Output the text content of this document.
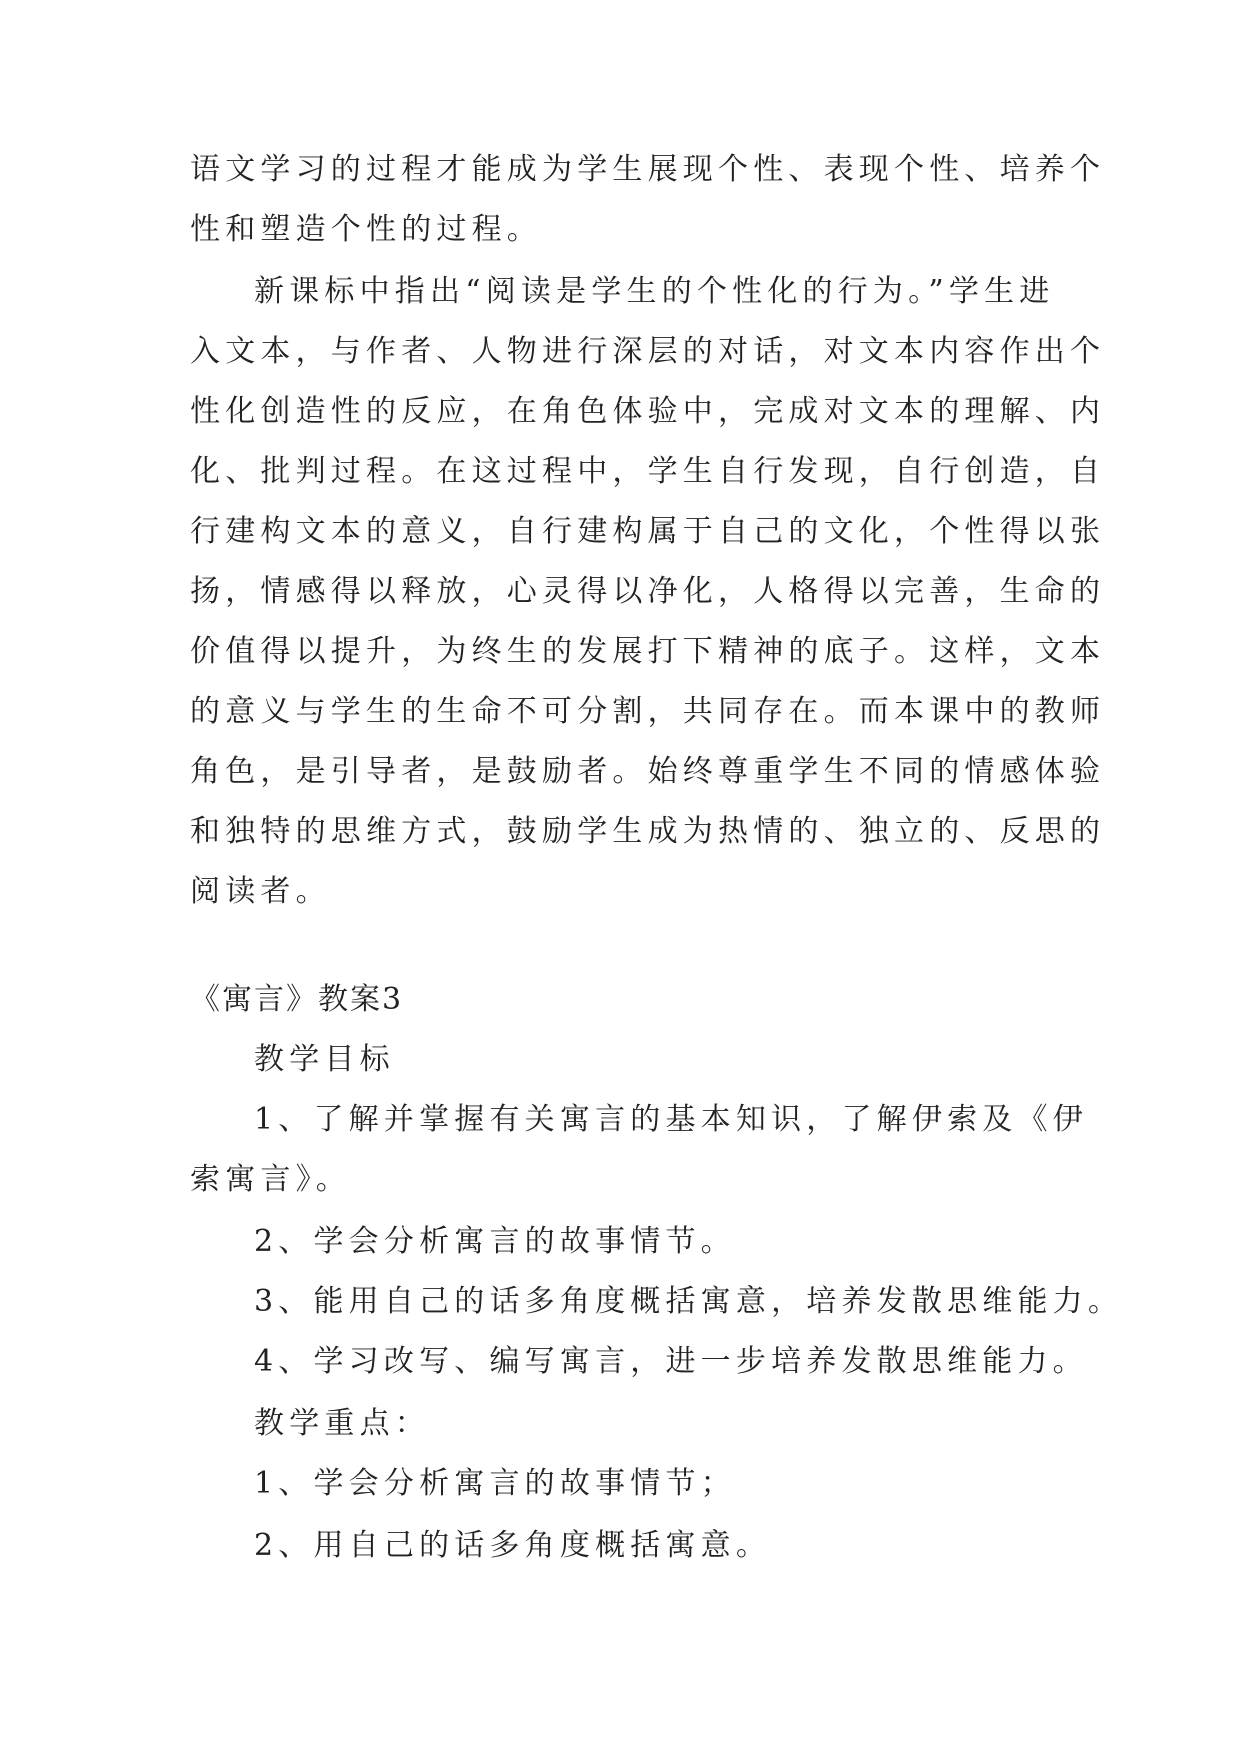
语文学习的过程才能成为学生展现个性、表现个性、培养个

性和塑造个性的过程。

新课标中指出“阅读是学生的个性化的行为。”学生进

入文本，与作者、人物进行深层的对话，对文本内容作出个

性化创造性的反应，在角色体验中，完成对文本的理解、内

化、批判过程。在这过程中，学生自行发现，自行创造，自

行建构文本的意义，自行建构属于自己的文化，个性得以张

扬，情感得以释放，心灵得以净化，人格得以完善，生命的

价值得以提升，为终生的发展打下精神的底子。这样，文本

的意义与学生的生命不可分割，共同存在。而本课中的教师

角色，是引导者，是鼓励者。始终尊重学生不同的情感体验

和独特的思维方式，鼓励学生成为热情的、独立的、反思的

阅读者。

《寓言》教案3

教学目标

1、了解并掌握有关寓言的基本知识，了解伊索及《伊

索寓言》。

2、学会分析寓言的故事情节。

3、能用自己的话多角度概括寓意，培养发散思维能力。

4、学习改写、编写寓言，进一步培养发散思维能力。

教学重点：

1、学会分析寓言的故事情节；

2、用自己的话多角度概括寓意。
